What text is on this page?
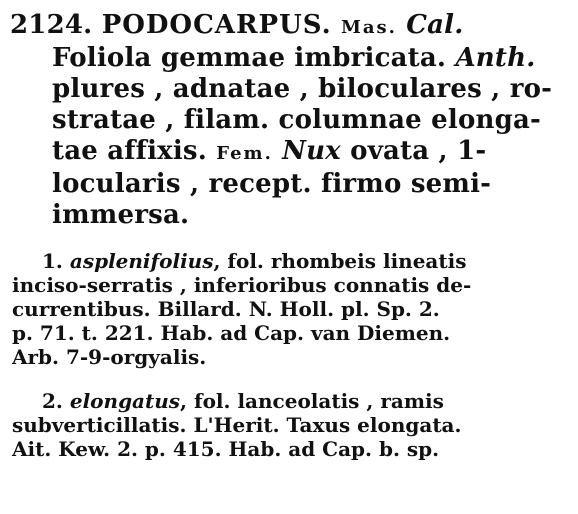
2124. PODOCARPUS. Mas. Cal.
Foliola gemmae imbricata. Anth.
plures , adnatae , biloculares , ro-
stratae , filam. columnae elonga-
tae affixis. Fem. Nux ovata , 1-
locularis , recept. firmo semi-
immersa.
1. asplenifolius, fol. rhombeis lineatis
inciso-serratis , inferioribus connatis de-
currentibus. Billard. N. Holl. pl. Sp. 2.
p. 71. t. 221. Hab. ad Cap. van Diemen.
Arb. 7-9-orgyalis.
2. elongatus, fol. lanceolatis , ramis
subverticillatis. L'Herit. Taxus elongata.
Ait. Kew. 2. p. 415. Hab. ad Cap. b. sp.
